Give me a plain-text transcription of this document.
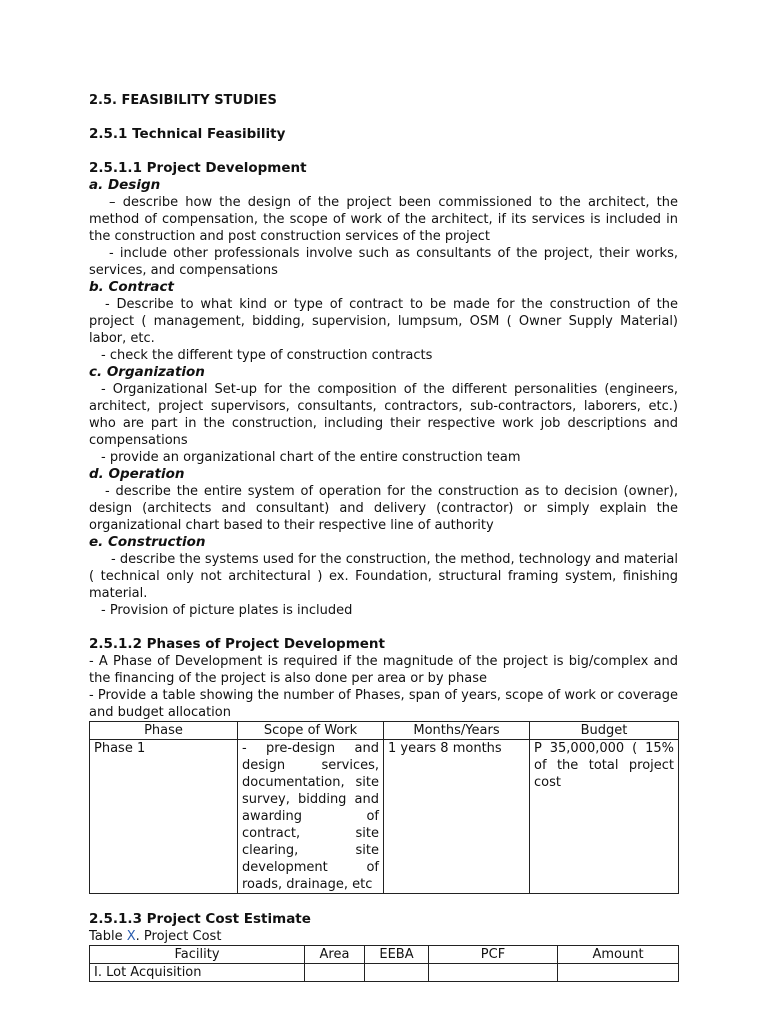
2.5. FEASIBILITY STUDIES

2.5.1 Technical Feasibility

2.5.1.1 Project Development

a. Design

– describe how the design of the project been commissioned to the architect, the method of compensation, the scope of work of the architect, if its services is included in the construction and post construction services of the project

- include other professionals involve such as consultants of the project, their works, services, and compensations

b. Contract

- Describe to what kind or type of contract to be made for the construction of the project ( management, bidding, supervision, lumpsum, OSM ( Owner Supply Material) labor, etc.

- check the different type of construction contracts

c. Organization

- Organizational Set-up for the composition of the different personalities (engineers, architect, project supervisors, consultants, contractors, sub-contractors, laborers, etc.) who are part in the construction, including their respective work job descriptions and compensations

- provide an organizational chart of the entire construction team

d. Operation

- describe the entire system of operation for the construction as to decision (owner), design (architects and consultant) and delivery (contractor) or simply explain the organizational chart based to their respective line of authority

e. Construction

- describe the systems used for the construction, the method, technology and material ( technical only not architectural ) ex. Foundation, structural framing system, finishing material.

- Provision of picture plates is included

2.5.1.2 Phases of Project Development

- A Phase of Development is required if the magnitude of the project is big/complex and the financing of the project is also done per area or by phase

- Provide a table showing the number of Phases, span of years, scope of work or coverage and budget allocation

Phase	Scope of Work	Months/Years	Budget
Phase 1	- pre-design and design services, documentation, site survey, bidding and awarding of contract, site clearing, site development of roads, drainage, etc	1 years 8 months	P 35,000,000 ( 15% of the total project cost

2.5.1.3 Project Cost Estimate

Table X. Project Cost

Facility	Area	EEBA	PCF	Amount
I. Lot Acquisition				
